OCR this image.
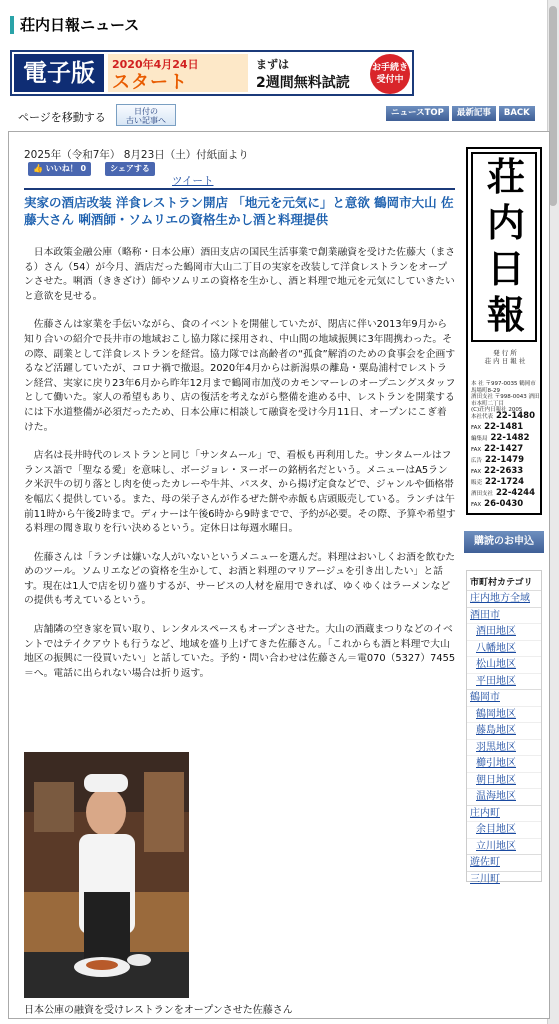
荘内日報ニュース
電子版	2020年4月24日
スタート
まずは
2週間無料試読
お手続き
受付中
ページを移動する	日付の
古い記事へ
ニュースTOP	最新記事	BACK
2025年（令和7年） 8月23日（土）付紙面より
👍 いいね！ 0	シェアする
ツイート
実家の酒店改装 洋食レストラン開店 「地元を元気に」と意欲 鶴岡市大山 佐藤大さん 唎酒師・ソムリエの資格生かし酒と料理提供

日本政策金融公庫（略称・日本公庫）酒田支店の国民生活事業で創業融資を受けた佐藤大（まさる）さん（54）が今月、酒店だった鶴岡市大山二丁目の実家を改装して洋食レストランをオープンさせた。唎酒（ききざけ）師やソムリエの資格を生かし、酒と料理で地元を元気にしていきたいと意欲を見せる。

佐藤さんは家業を手伝いながら、食のイベントを開催していたが、閉店に伴い2013年9月から知り合いの紹介で長井市の地域おこし協力隊に採用され、中山間の地域振興に3年間携わった。その際、副業として洋食レストランを経営。協力隊では高齢者の“孤食”解消のための食事会を企画するなど活躍していたが、コロナ禍で撤退。2020年4月からは新潟県の離島・粟島浦村でレストラン経営、実家に戻り23年6月から昨年12月まで鶴岡市加茂のカモンマーレのオープニングスタッフとして働いた。家人の希望もあり、店の復活を考えながら整備を進める中、レストランを開業するには下水道整備が必須だったため、日本公庫に相談して融資を受け今月11日、オープンにこぎ着けた。

店名は長井時代のレストランと同じ「サンタムール」で、看板も再利用した。サンタムールはフランス語で「聖なる愛」を意味し、ボージョレ・ヌーボーの銘柄名だという。メニューはA5ランク米沢牛の切り落とし肉を使ったカレーや牛丼、パスタ、から揚げ定食などで、ジャンルや価格帯を幅広く提供している。また、母の栄子さんが作るぜた餅や赤飯も店頭販売している。ランチは午前11時から午後2時まで。ディナーは午後6時から9時までで、予約が必要。その際、予算や希望する料理の聞き取りを行い決めるという。定休日は毎週水曜日。

佐藤さんは「ランチは嫌いな人がいないというメニューを選んだ。料理はおいしくお酒を飲むためのツール。ソムリエなどの資格を生かして、お酒と料理のマリアージュを引き出したい」と話す。現在は1人で店を切り盛りするが、サービスの人材を雇用できれば、ゆくゆくはラーメンなどの提供も考えているという。

店舗隣の空き家を買い取り、レンタルスペースもオープンさせた。大山の酒蔵まつりなどのイベントではテイクアウトも行うなど、地域を盛り上げてきた佐藤さん。「これからも酒と料理で大山地区の振興に一役買いたい」と話していた。予約・問い合わせは佐藤さん＝電070（5327）7455＝へ。電話に出られない場合は折り返す。

日本公庫の融資を受けレストランをオープンさせた佐藤さん
荘
内
日
報
発 行 所
荘 内 日 報 社
本 社 〒997-0035 鶴岡市馬場町8-29
酒田支社 〒998-0043 酒田市本町二丁目
(C)荘内日報社 2005
本社代表 22-1480
FAX 22-1481
編集局 22-1482
FAX 22-1427
広告 22-1479
FAX 22-2633
販売 22-1724
酒田支社 22-4244
FAX 26-0430
購読のお申込
市町村カテゴリ
庄内地方全域
酒田市
酒田地区
八幡地区
松山地区
平田地区
鶴岡市
鶴岡地区
藤島地区
羽黒地区
櫛引地区
朝日地区
温海地区
庄内町
余目地区
立川地区
遊佐町
三川町
